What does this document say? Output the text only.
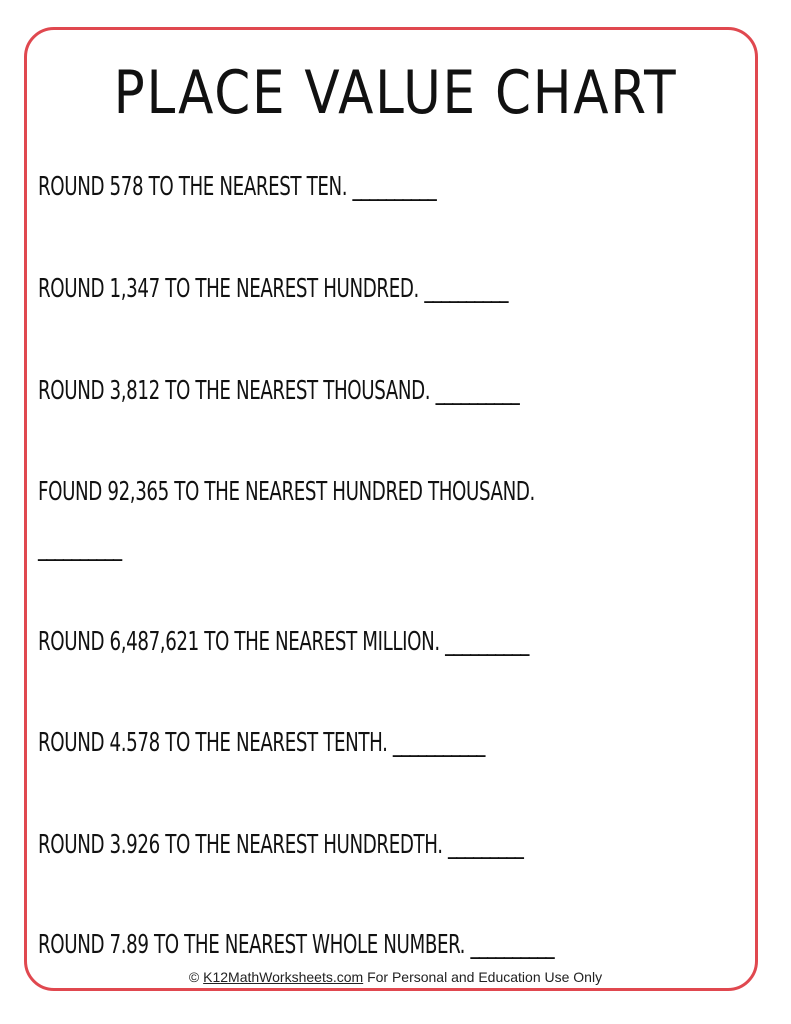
PLACE VALUE CHART
ROUND 578 TO THE NEAREST TEN. __________
ROUND 1,347 TO THE NEAREST HUNDRED. __________
ROUND 3,812 TO THE NEAREST THOUSAND. __________
FOUND 92,365 TO THE NEAREST HUNDRED THOUSAND.
__________
ROUND 6,487,621 TO THE NEAREST MILLION. __________
ROUND 4.578 TO THE NEAREST TENTH. ___________
ROUND 3.926 TO THE NEAREST HUNDREDTH. _________
ROUND 7.89 TO THE NEAREST WHOLE NUMBER. __________
© K12MathWorksheets.com For Personal and Education Use Only
